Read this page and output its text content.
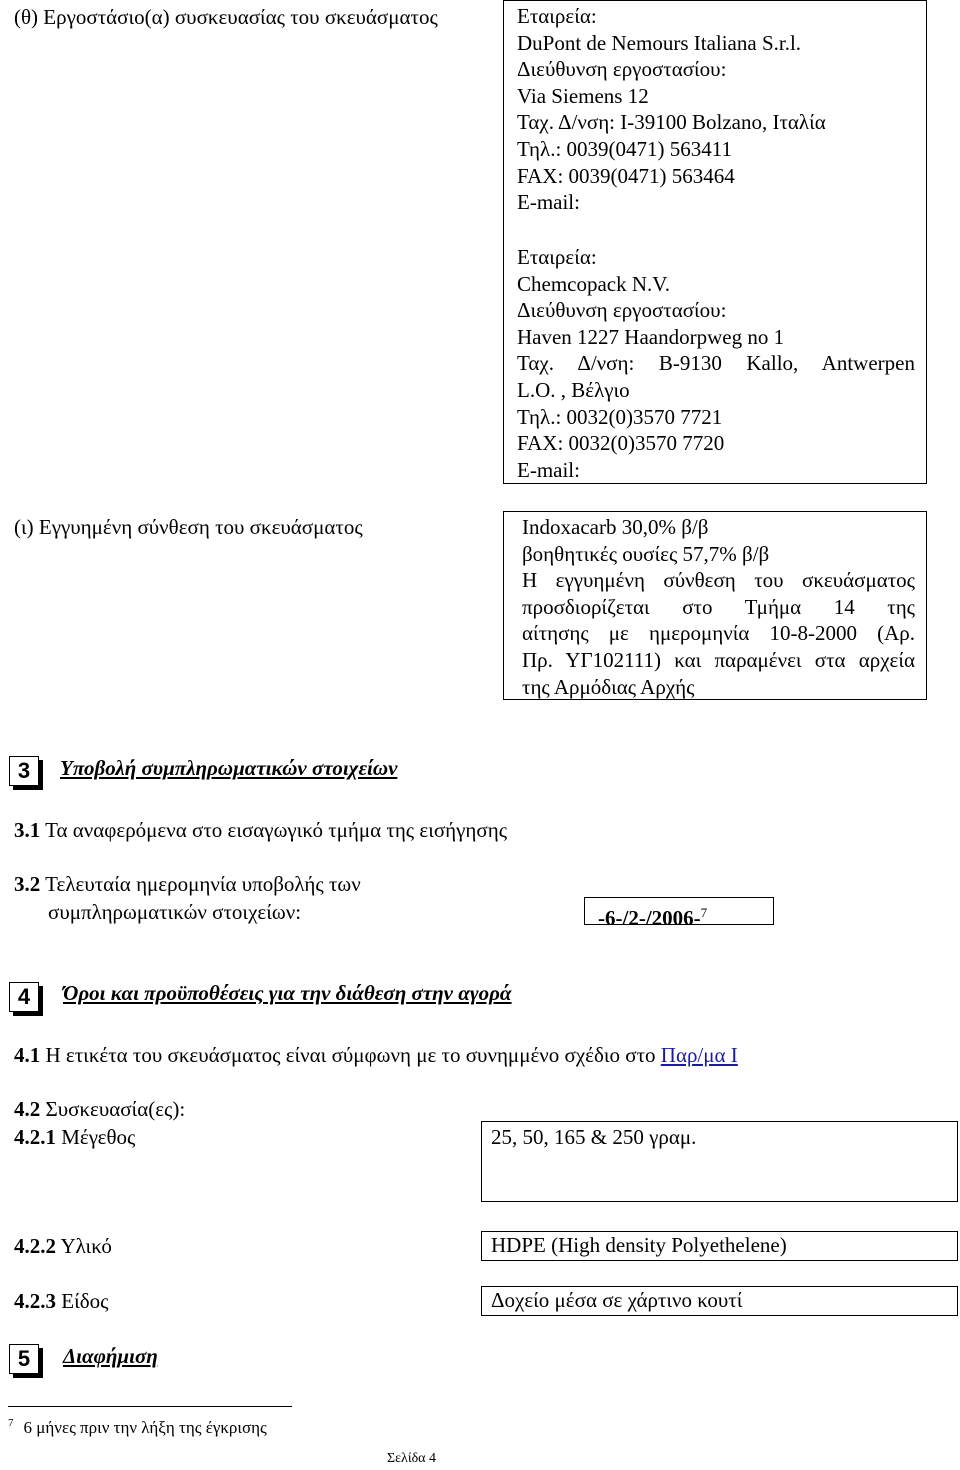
(θ) Εργοστάσιο(α) συσκευασίας του σκευάσματος	Εταιρεία:
DuPont de Nemours Italiana S.r.l.
Διεύθυνση εργοστασίου:
Via Siemens 12
Ταχ. Δ/νση: I-39100 Bolzano, Ιταλία
Τηλ.: 0039(0471) 563411
FAX: 0039(0471) 563464
E-mail:
Εταιρεία:
Chemcopack N.V.
Διεύθυνση εργοστασίου:
Haven 1227 Haandorpweg no 1
Ταχ. Δ/νση: B-9130 Kallo, Antwerpen
L.O. , Βέλγιο
Τηλ.: 0032(0)3570 7721
FAX: 0032(0)3570 7720
E-mail:
(ι) Εγγυημένη σύνθεση του σκευάσματος	Indoxacarb 30,0% β/β
βοηθητικές ουσίες 57,7% β/β
Η εγγυημένη σύνθεση του σκευάσματος
προσδιορίζεται στο Τμήμα 14 της
αίτησης με ημερομηνία 10-8-2000 (Αρ.
Πρ. ΥΓ102111) και παραμένει στα αρχεία
της Αρμόδιας Αρχής
3	Υποβολή συμπληρωματικών στοιχείων
3.1 Τα αναφερόμενα στο εισαγωγικό τμήμα της εισήγησης
3.2 Τελευταία ημερομηνία υποβολής των
συμπληρωματικών στοιχείων:	-6-/2-/2006-$^7$
4	Όροι και προϋποθέσεις για την διάθεση στην αγορά
4.1 Η ετικέτα του σκευάσματος είναι σύμφωνη με το συνημμένο σχέδιο στο Παρ/μα Ι
4.2 Συσκευασία(ες):
4.2.1 Μέγεθος	25, 50, 165 & 250 γραμ.
4.2.2 Υλικό	HDPE (High density Polyethelene)
4.2.3 Είδος	Δοχείο μέσα σε χάρτινο κουτί
5	Διαφήμιση
$^7$ 6 μήνες πριν την λήξη της έγκρισης
Σελίδα 4
